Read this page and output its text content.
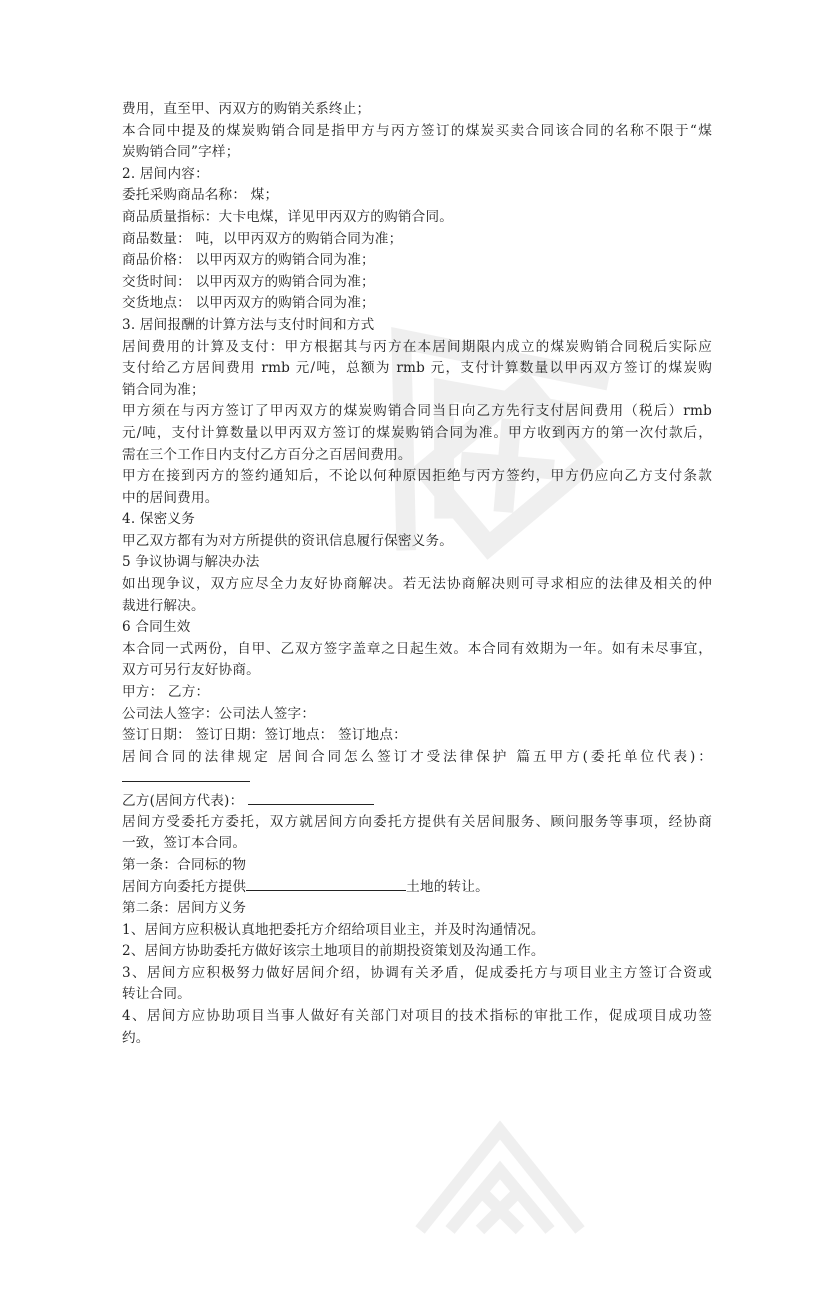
费用，直至甲、丙双方的购销关系终止；
本合同中提及的煤炭购销合同是指甲方与丙方签订的煤炭买卖合同该合同的名称不限于“煤
炭购销合同”字样；
2. 居间内容：
委托采购商品名称： 煤；
商品质量指标：大卡电煤，详见甲丙双方的购销合同。
商品数量： 吨，以甲丙双方的购销合同为准；
商品价格： 以甲丙双方的购销合同为准；
交货时间： 以甲丙双方的购销合同为准；
交货地点： 以甲丙双方的购销合同为准；
3. 居间报酬的计算方法与支付时间和方式
居间费用的计算及支付：甲方根据其与丙方在本居间期限内成立的煤炭购销合同税后实际应
支付给乙方居间费用 rmb 元/吨，总额为 rmb 元，支付计算数量以甲丙双方签订的煤炭购
销合同为准；
甲方须在与丙方签订了甲丙双方的煤炭购销合同当日向乙方先行支付居间费用（税后）rmb
元/吨，支付计算数量以甲丙双方签订的煤炭购销合同为准。甲方收到丙方的第一次付款后，
需在三个工作日内支付乙方百分之百居间费用。
甲方在接到丙方的签约通知后，不论以何种原因拒绝与丙方签约，甲方仍应向乙方支付条款
中的居间费用。
4. 保密义务
甲乙双方都有为对方所提供的资讯信息履行保密义务。
5 争议协调与解决办法
如出现争议，双方应尽全力友好协商解决。若无法协商解决则可寻求相应的法律及相关的仲
裁进行解决。
6 合同生效
本合同一式两份，自甲、乙双方签字盖章之日起生效。本合同有效期为一年。如有未尽事宜，
双方可另行友好协商。
甲方： 乙方：
公司法人签字：公司法人签字：
签订日期： 签订日期：签订地点： 签订地点：
居间合同的法律规定 居间合同怎么签订才受法律保护 篇五甲方(委托单位代表)：
乙方(居间方代表)：
居间方受委托方委托，双方就居间方向委托方提供有关居间服务、顾问服务等事项，经协商
一致，签订本合同。
第一条：合同标的物
居间方向委托方提供	土地的转让。
第二条：居间方义务
1、居间方应积极认真地把委托方介绍给项目业主，并及时沟通情况。
2、居间方协助委托方做好该宗土地项目的前期投资策划及沟通工作。
3、居间方应积极努力做好居间介绍，协调有关矛盾，促成委托方与项目业主方签订合资或
转让合同。
4、居间方应协助项目当事人做好有关部门对项目的技术指标的审批工作，促成项目成功签
约。
